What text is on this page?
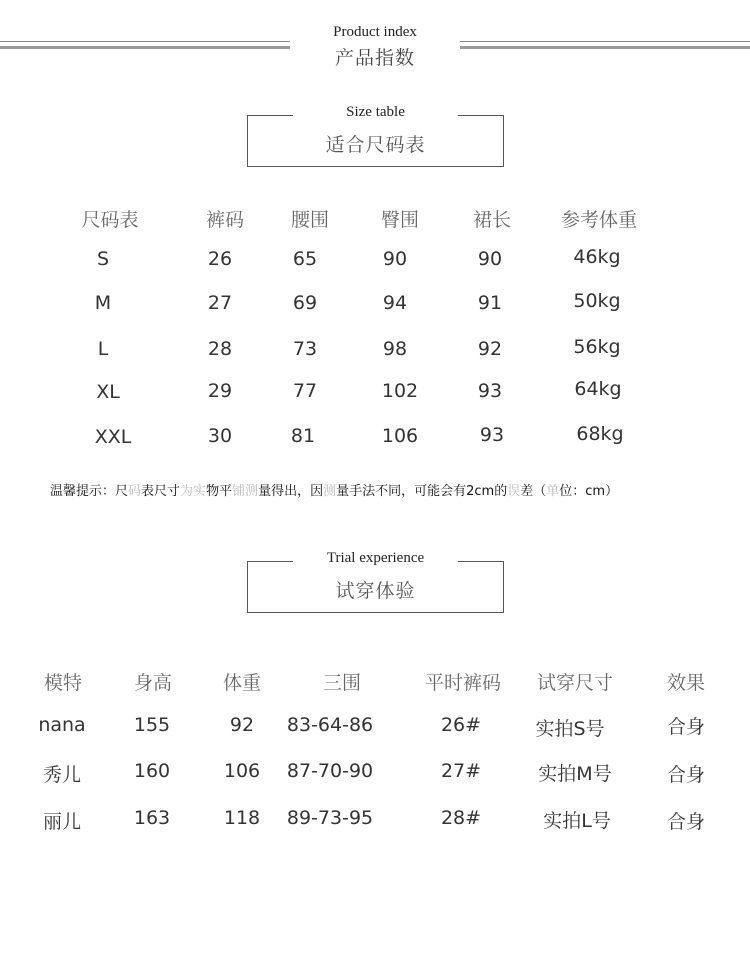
Product index
产品指数
Size table
适合尺码表
尺码表	裤码	腰围	臀围	裙长	参考体重
S	26	65	90	90	46kg
M	27	69	94	91	50kg
L	28	73	98	92	56kg
XL	29	77	102	93	64kg
XXL	30	81	106	93	68kg
温馨提示：尺码表尺寸为实物平铺测量得出，因测量手法不同，可能会有2cm的误差（单位：cm）
Trial experience
试穿体验
模特	身高	体重	三围	平时裤码	试穿尺寸	效果
nana	155	92	83-64-86	26#	实拍S号	合身
秀儿	160	106	87-70-90	27#	实拍M号	合身
丽儿	163	118	89-73-95	28#	实拍L号	合身
